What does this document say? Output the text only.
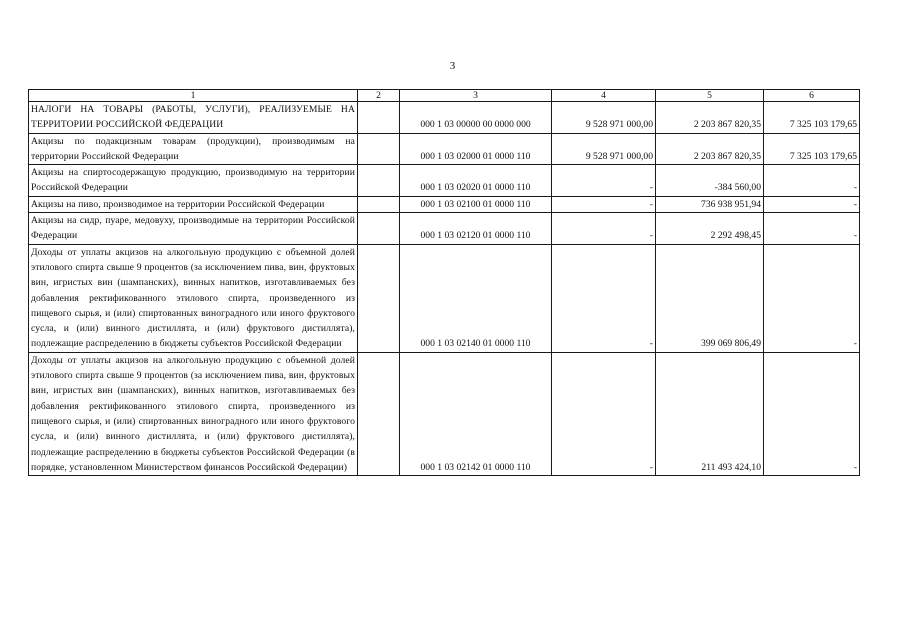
3
1	2	3	4	5	6
НАЛОГИ НА ТОВАРЫ (РАБОТЫ, УСЛУГИ), РЕАЛИЗУЕМЫЕ НА ТЕРРИТОРИИ РОССИЙСКОЙ ФЕДЕРАЦИИ		000 1 03 00000 00 0000 000	9 528 971 000,00	2 203 867 820,35	7 325 103 179,65
Акцизы по подакцизным товарам (продукции), производимым на территории Российской Федерации		000 1 03 02000 01 0000 110	9 528 971 000,00	2 203 867 820,35	7 325 103 179,65
Акцизы на спиртосодержащую продукцию, производимую на территории Российской Федерации		000 1 03 02020 01 0000 110	-	-384 560,00	-
Акцизы на пиво, производимое на территории Российской Федерации		000 1 03 02100 01 0000 110	-	736 938 951,94	-
Акцизы на сидр, пуаре, медовуху, производимые на территории Российской Федерации		000 1 03 02120 01 0000 110	-	2 292 498,45	-
Доходы от уплаты акцизов на алкогольную продукцию с объемной долей этилового спирта свыше 9 процентов (за исключением пива, вин, фруктовых вин, игристых вин (шампанских), винных напитков, изготавливаемых без добавления ректификованного этилового спирта, произведенного из пищевого сырья, и (или) спиртованных виноградного или иного фруктового сусла, и (или) винного дистиллята, и (или) фруктового дистиллята), подлежащие распределению в бюджеты субъектов Российской Федерации		000 1 03 02140 01 0000 110	-	399 069 806,49	-
Доходы от уплаты акцизов на алкогольную продукцию с объемной долей этилового спирта свыше 9 процентов (за исключением пива, вин, фруктовых вин, игристых вин (шампанских), винных напитков, изготавливаемых без добавления ректификованного этилового спирта, произведенного из пищевого сырья, и (или) спиртованных виноградного или иного фруктового сусла, и (или) винного дистиллята, и (или) фруктового дистиллята), подлежащие распределению в бюджеты субъектов Российской Федерации (в порядке, установленном Министерством финансов Российской Федерации)		000 1 03 02142 01 0000 110	-	211 493 424,10	-
